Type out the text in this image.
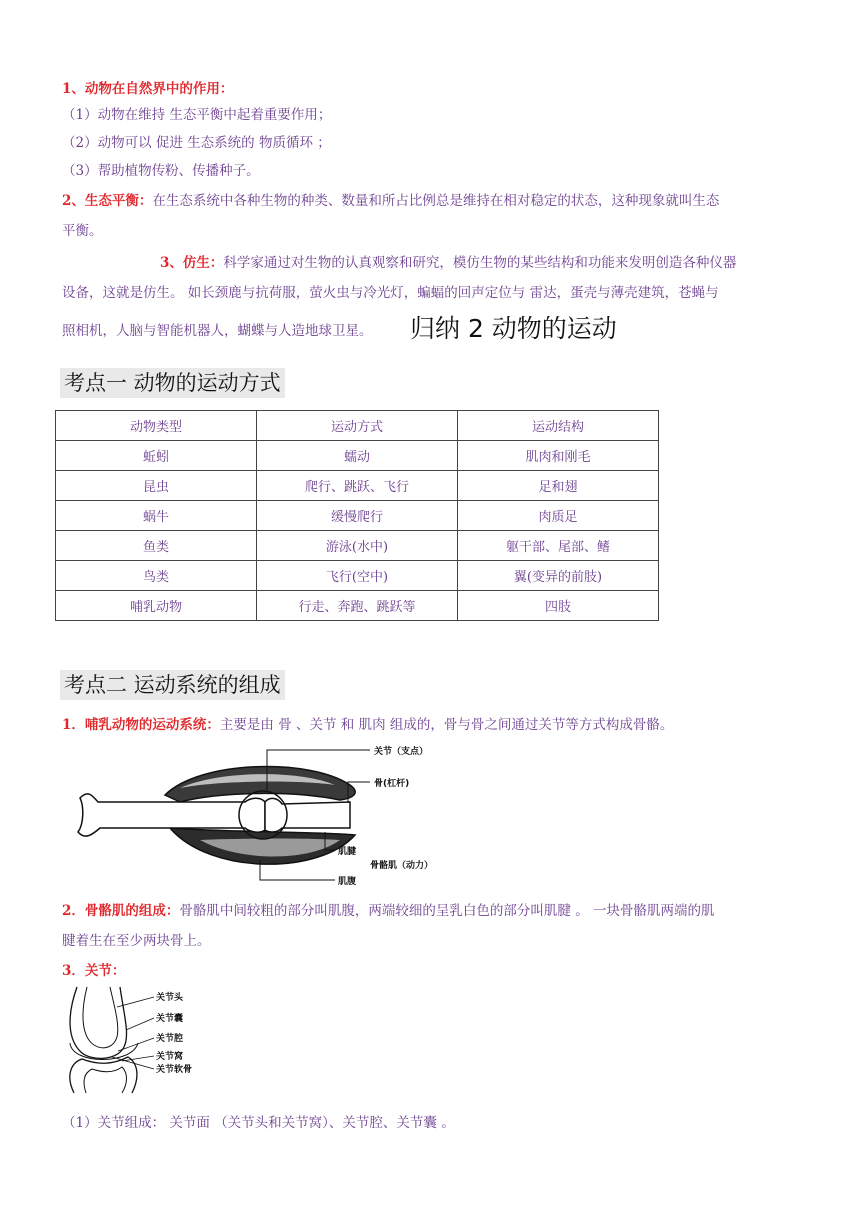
1、动物在自然界中的作用：
（1）动物在维持 生态平衡中起着重要作用；
（2）动物可以 促进 生态系统的 物质循环 ；
（3）帮助植物传粉、传播种子。
2、生态平衡：在生态系统中各种生物的种类、数量和所占比例总是维持在相对稳定的状态，这种现象就叫生态
平衡。
3、仿生：科学家通过对生物的认真观察和研究，模仿生物的某些结构和功能来发明创造各种仪器
设备，这就是仿生。 如长颈鹿与抗荷服，萤火虫与冷光灯，蝙蝠的回声定位与 雷达，蛋壳与薄壳建筑，苍蝇与
照相机，人脑与智能机器人，蝴蝶与人造地球卫星。 归纳 2 动物的运动
考点一 动物的运动方式
动物类型	运动方式	运动结构
蚯蚓	蠕动	肌肉和刚毛
昆虫	爬行、跳跃、飞行	足和翅
蜗牛	缓慢爬行	肉质足
鱼类	游泳(水中)	躯干部、尾部、鳍
鸟类	飞行(空中)	翼(变异的前肢)
哺乳动物	行走、奔跑、跳跃等	四肢
考点二 运动系统的组成
1．哺乳动物的运动系统：主要是由 骨 、关节 和 肌肉 组成的，骨与骨之间通过关节等方式构成骨骼。
关节（支点）
骨(杠杆)
肌腱
骨骼肌（动力）
肌腹
2．骨骼肌的组成：骨骼肌中间较粗的部分叫肌腹，两端较细的呈乳白色的部分叫肌腱 。 一块骨骼肌两端的肌
腱着生在至少两块骨上。
3．关节：
关节头
关节囊
关节腔
关节窝
关节软骨
（1）关节组成： 关节面 （关节头和关节窝）、关节腔、关节囊 。
